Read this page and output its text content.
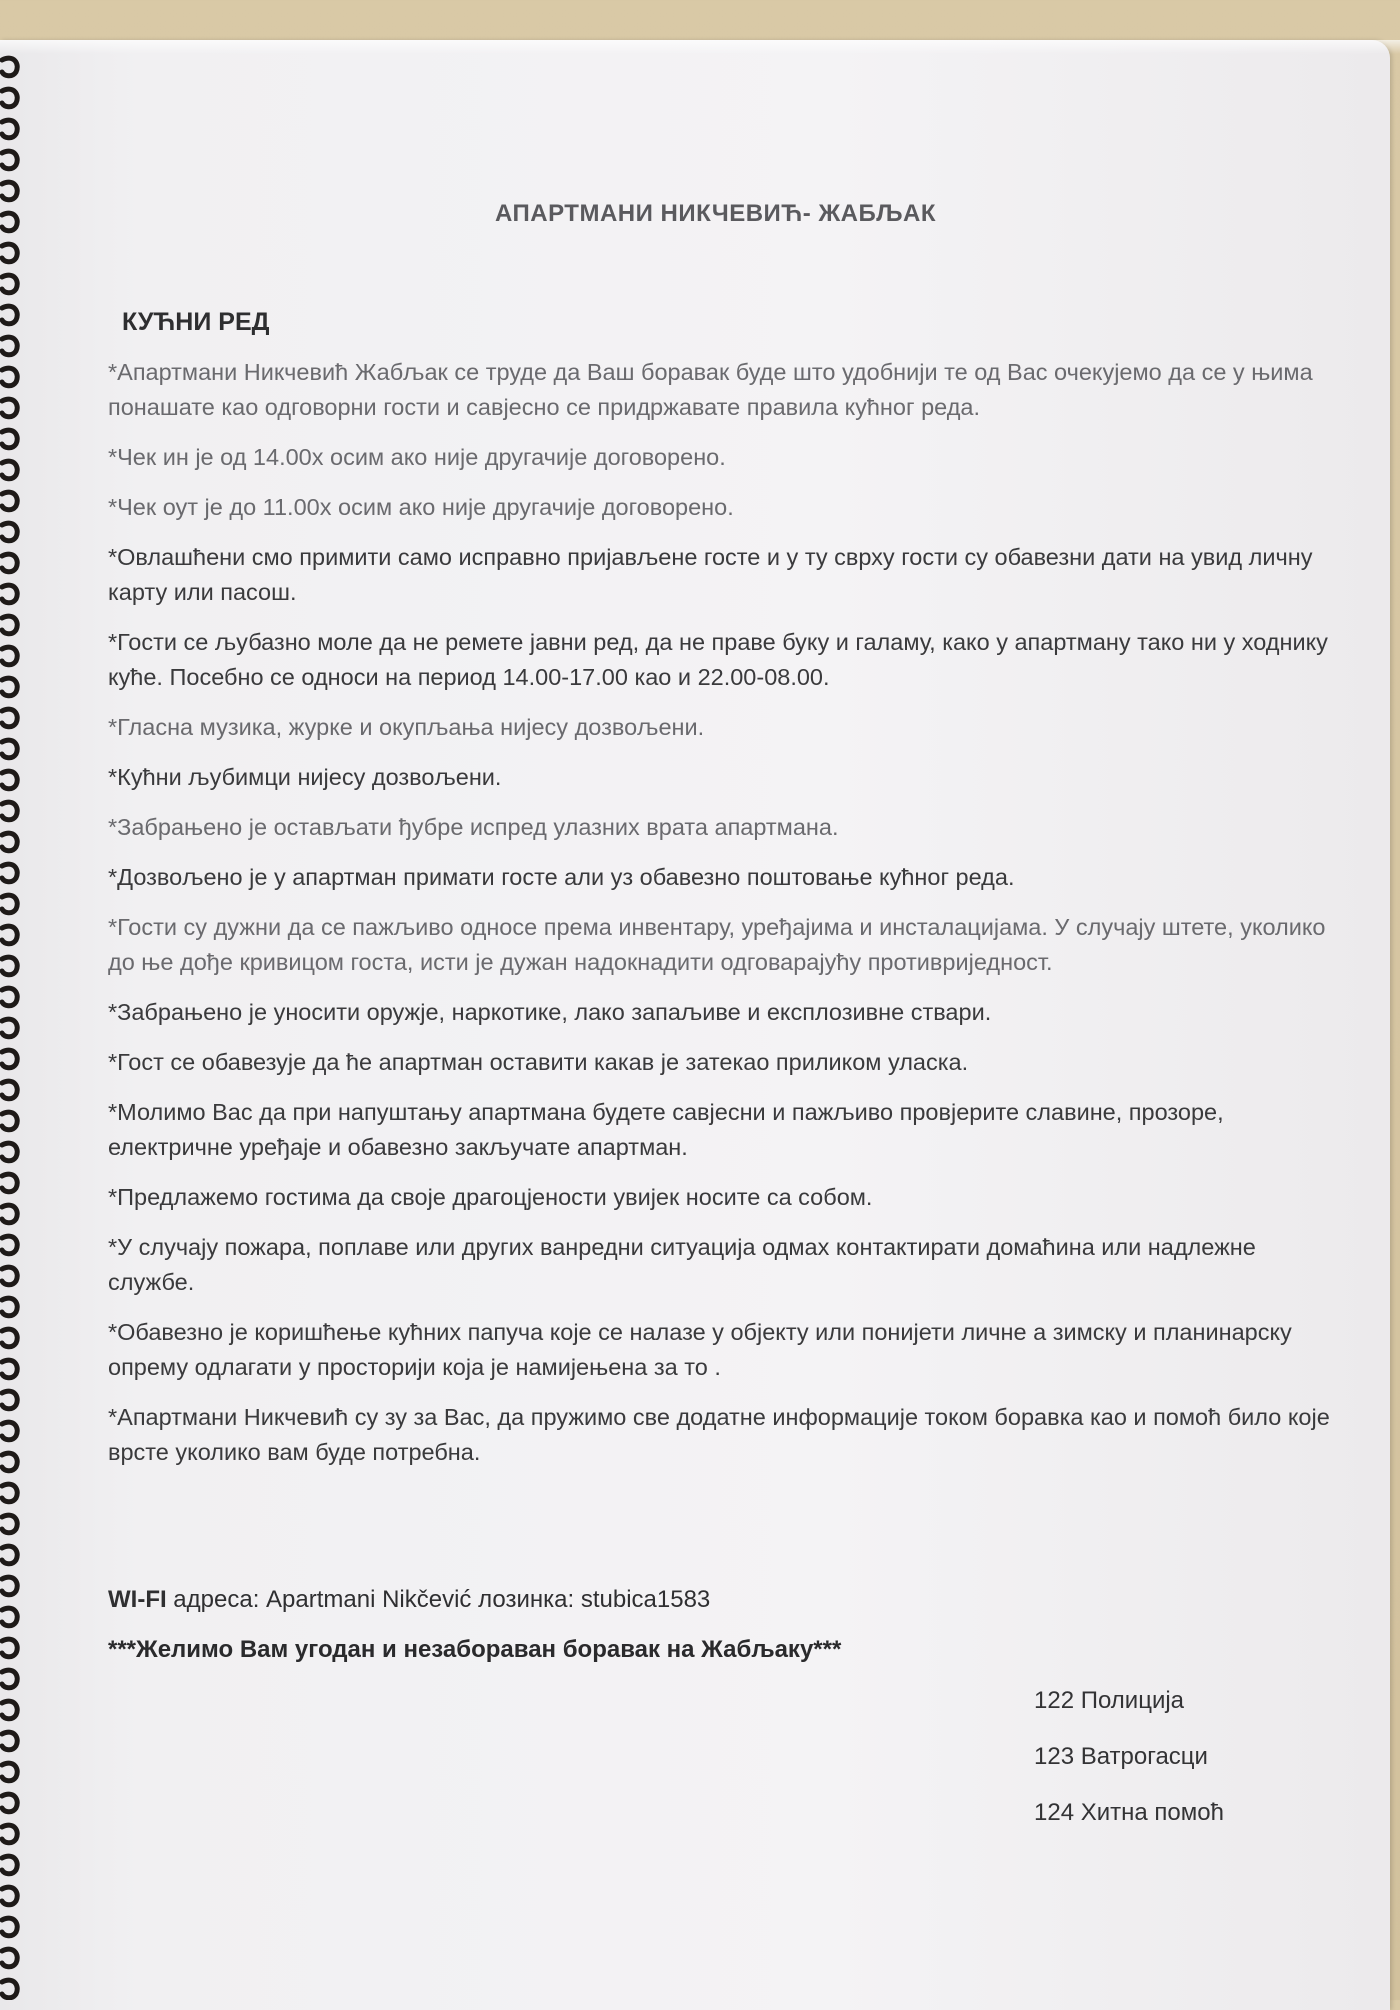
АПАРТМАНИ НИКЧЕВИЋ- ЖАБЉАК
КУЋНИ РЕД

*Апартмани Никчевић Жабљак се труде да Ваш боравак буде што удобнији те од Вас очекујемо да се у њима понашате као одговорни гости и савјесно се придржавате правила кућног реда.

*Чек ин је од 14.00х осим ако није другачије договорено.

*Чек оут је до 11.00х осим ако није другачије договорено.

*Овлашћени смо примити само исправно пријављене госте и у ту сврху гости су обавезни дати на увид личну карту или пасош.

*Гости се љубазно моле да не ремете јавни ред, да не праве буку и галаму, како у апартману тако ни у ходнику куће. Посебно се односи на период 14.00-17.00 као и 22.00-08.00.

*Гласна музика, журке и окупљања нијесу дозвољени.

*Кућни љубимци нијесу дозвољени.

*Забрањено је остављати ђубре испред улазних врата апартмана.

*Дозвољено је у апартман примати госте али уз обавезно поштовање кућног реда.

*Гости су дужни да се пажљиво односе према инвентару, уређајима и инсталацијама. У случају штете, уколико до ње дође кривицом госта, исти је дужан надокнадити одговарајућу противриједност.

*Забрањено је уносити оружје, наркотике, лако запаљиве и експлозивне ствари.

*Гост се обавезује да ће апартман оставити какав је затекао приликом уласка.

*Молимо Вас да при напуштању апартмана будете савјесни и пажљиво провјерите славине, прозоре, електричне уређаје и обавезно закључате апартман.

*Предлажемо гостима да своје драгоцјености увијек носите са собом.

*У случају пожара, поплаве или других ванредни ситуација одмах контактирати домаћина или надлежне службе.

*Обавезно је коришћење кућних папуча које се налазе у објекту или понијети личне а зимску и планинарску опрему одлагати у просторији која је намијењена за то .

*Апартмани Никчевић су зу за Вас, да пружимо све додатне информације током боравка као и помоћ било које врсте уколико вам буде потребна.

WI-FI адреса: Apartmani Nikčević лозинка: stubica1583
***Желимо Вам угодан и незаборaван боравак на Жабљаку***
122 Полиција
123 Ватрогасци
124 Хитна помоћ
